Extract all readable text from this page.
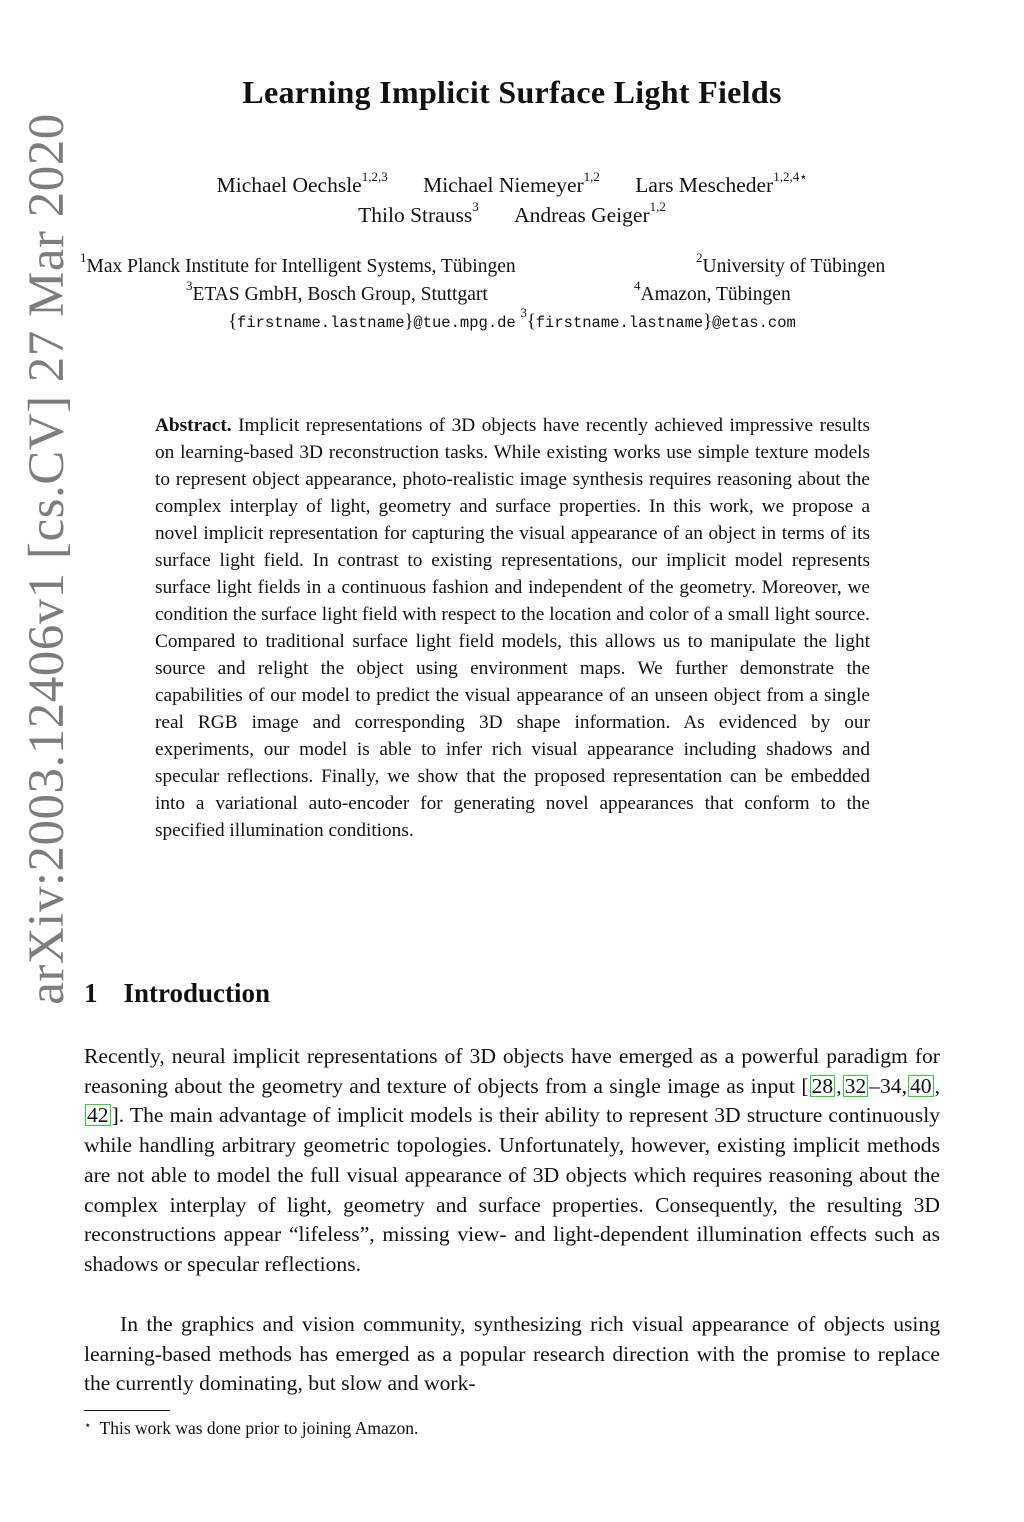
arXiv:2003.12406v1 [cs.CV] 27 Mar 2020
Learning Implicit Surface Light Fields
Michael Oechsle$^{1,2,3}$ Michael Niemeyer$^{1,2}$ Lars Mescheder$^{1,2,4⋆}$
Thilo Strauss$^3$ Andreas Geiger$^{1,2}$
$^1$Max Planck Institute for Intelligent Systems, Tübingen	$^2$University of Tübingen
$^3$ETAS GmbH, Bosch Group, Stuttgart	$^4$Amazon, Tübingen
{firstname.lastname}@tue.mpg.de $^3${firstname.lastname}@etas.com
Abstract. Implicit representations of 3D objects have recently achieved impressive results on learning-based 3D reconstruction tasks. While existing works use simple texture models to represent object appearance, photo-realistic image synthesis requires reasoning about the complex interplay of light, geometry and surface properties. In this work, we propose a novel implicit representation for capturing the visual appearance of an object in terms of its surface light field. In contrast to existing representations, our implicit model represents surface light fields in a continuous fashion and independent of the geometry. Moreover, we condition the surface light field with respect to the location and color of a small light source. Compared to traditional surface light field models, this allows us to manipulate the light source and relight the object using environment maps. We further demonstrate the capabilities of our model to predict the visual appearance of an unseen object from a single real RGB image and corresponding 3D shape information. As evidenced by our experiments, our model is able to infer rich visual appearance including shadows and specular reflections. Finally, we show that the proposed representation can be embedded into a variational auto-encoder for generating novel appearances that conform to the specified illumination conditions.
1 Introduction

Recently, neural implicit representations of 3D objects have emerged as a powerful paradigm for reasoning about the geometry and texture of objects from a single image as input [ 28 , 32 –34, 40 ,42 ]. The main advantage of implicit models is their ability to represent 3D structure continuously while handling arbitrary geometric topologies. Unfortunately, however, existing implicit methods are not able to model the full visual appearance of 3D objects which requires reasoning about the complex interplay of light, geometry and surface properties. Consequently, the resulting 3D reconstructions appear “lifeless”, missing view- and light-dependent illumination effects such as shadows or specular reflections.

In the graphics and vision community, synthesizing rich visual appearance of objects using learning-based methods has emerged as a popular research direction with the promise to replace the currently dominating, but slow and work-

⋆ This work was done prior to joining Amazon.
